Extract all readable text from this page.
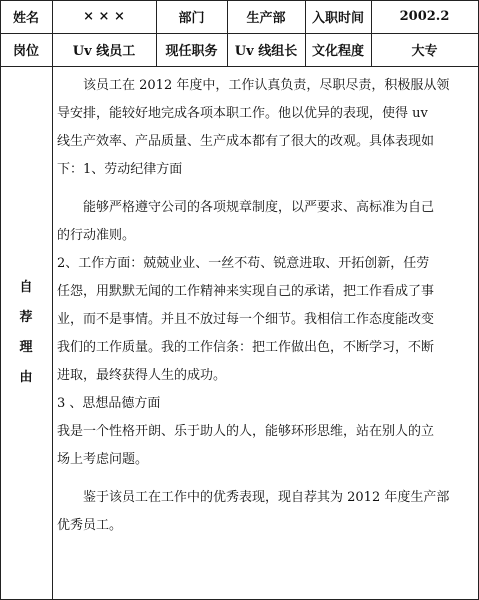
姓名	× × ×	部门	生产部	入职时间	2002.2
岗位	Uv 线员工	现任职务	Uv 线组长	文化程度	大专
自
荐
理
由

　　该员工在 2012 年度中，工作认真负责，尽职尽责，积极服从领

导安排，能较好地完成各项本职工作。他以优异的表现，使得 uv

线生产效率、产品质量、生产成本都有了很大的改观。具体表现如

下：1、劳动纪律方面

　　能够严格遵守公司的各项规章制度，以严要求、高标准为自己

的行动准则。

2、工作方面：兢兢业业、一丝不苟、锐意进取、开拓创新，任劳

任怨，用默默无闻的工作精神来实现自己的承诺，把工作看成了事

业，而不是事情。并且不放过每一个细节。我相信工作态度能改变

我们的工作质量。我的工作信条：把工作做出色，不断学习，不断

进取，最终获得人生的成功。

3 、思想品德方面

我是一个性格开朗、乐于助人的人，能够环形思维，站在别人的立

场上考虑问题。

　　鉴于该员工在工作中的优秀表现，现自荐其为 2012 年度生产部

优秀员工。
